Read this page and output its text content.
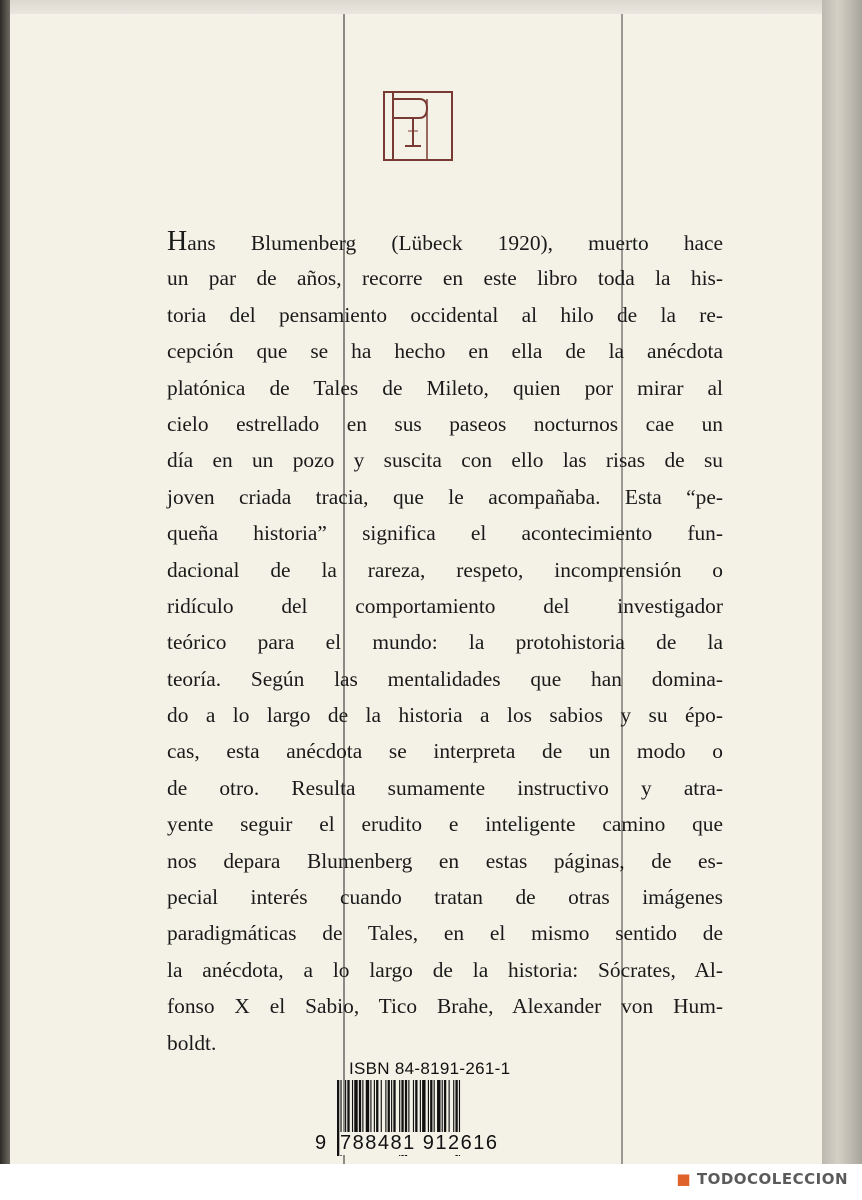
Hans Blumenberg (Lübeck 1920), muerto hace
un par de años, recorre en este libro toda la his-
toria del pensamiento occidental al hilo de la re-
cepción que se ha hecho en ella de la anécdota
platónica de Tales de Mileto, quien por mirar al
cielo estrellado en sus paseos nocturnos cae un
día en un pozo y suscita con ello las risas de su
joven criada tracia, que le acompañaba. Esta “pe-
queña historia” significa el acontecimiento fun-
dacional de la rareza, respeto, incomprensión o
ridículo del comportamiento del investigador
teórico para el mundo: la protohistoria de la
teoría. Según las mentalidades que han domina-
do a lo largo de la historia a los sabios y su épo-
cas, esta anécdota se interpreta de un modo o
de otro. Resulta sumamente instructivo y atra-
yente seguir el erudito e inteligente camino que
nos depara Blumenberg en estas páginas, de es-
pecial interés cuando tratan de otras imágenes
paradigmáticas de Tales, en el mismo sentido de
la anécdota, a lo largo de la historia: Sócrates, Al-
fonso X el Sabio, Tico Brahe, Alexander von Hum-
boldt.
ISBN 84-8191-261-1
9 788481 912616
■ TODOCOLECCION
